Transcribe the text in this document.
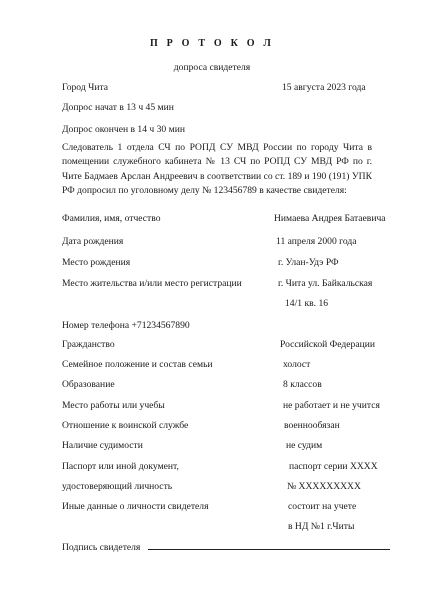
П Р О Т О К О Л
допроса свидетеля
Город Чита	15 августа 2023 года
Допрос начат в 13 ч 45 мин
Допрос окончен в 14 ч 30 мин
Следователь 1 отдела СЧ по РОПД СУ МВД России по городу Чита в помещении служебного кабинета № 13 СЧ по РОПД СУ МВД РФ по г. Чите Бадмаев Арслан Андреевич в соответствии со ст. 189 и 190 (191) УПК РФ допросил по уголовному делу № 123456789 в качестве свидетеля:
Фамилия, имя, отчество	Нимаева Андрея Батаевича
Дата рождения	11 апреля 2000 года
Место рождения	г. Улан-Удэ РФ
Место жительства и/или место регистрации	г. Чита ул. Байкальская
14/1 кв. 16
Номер телефона +71234567890
Гражданство	Российской Федерации
Семейное положение и состав семьи	холост
Образование	8 классов
Место работы или учебы	не работает и не учится
Отношение к воинской службе	военнообязан
Наличие судимости	не судим
Паспорт или иной документ,	паспорт серии ХХХХ
удостоверяющий личность	№ ХХХХХХХХХ
Иные данные о личности свидетеля	состоит на учете
в НД №1 г.Читы
Подпись свидетеля
